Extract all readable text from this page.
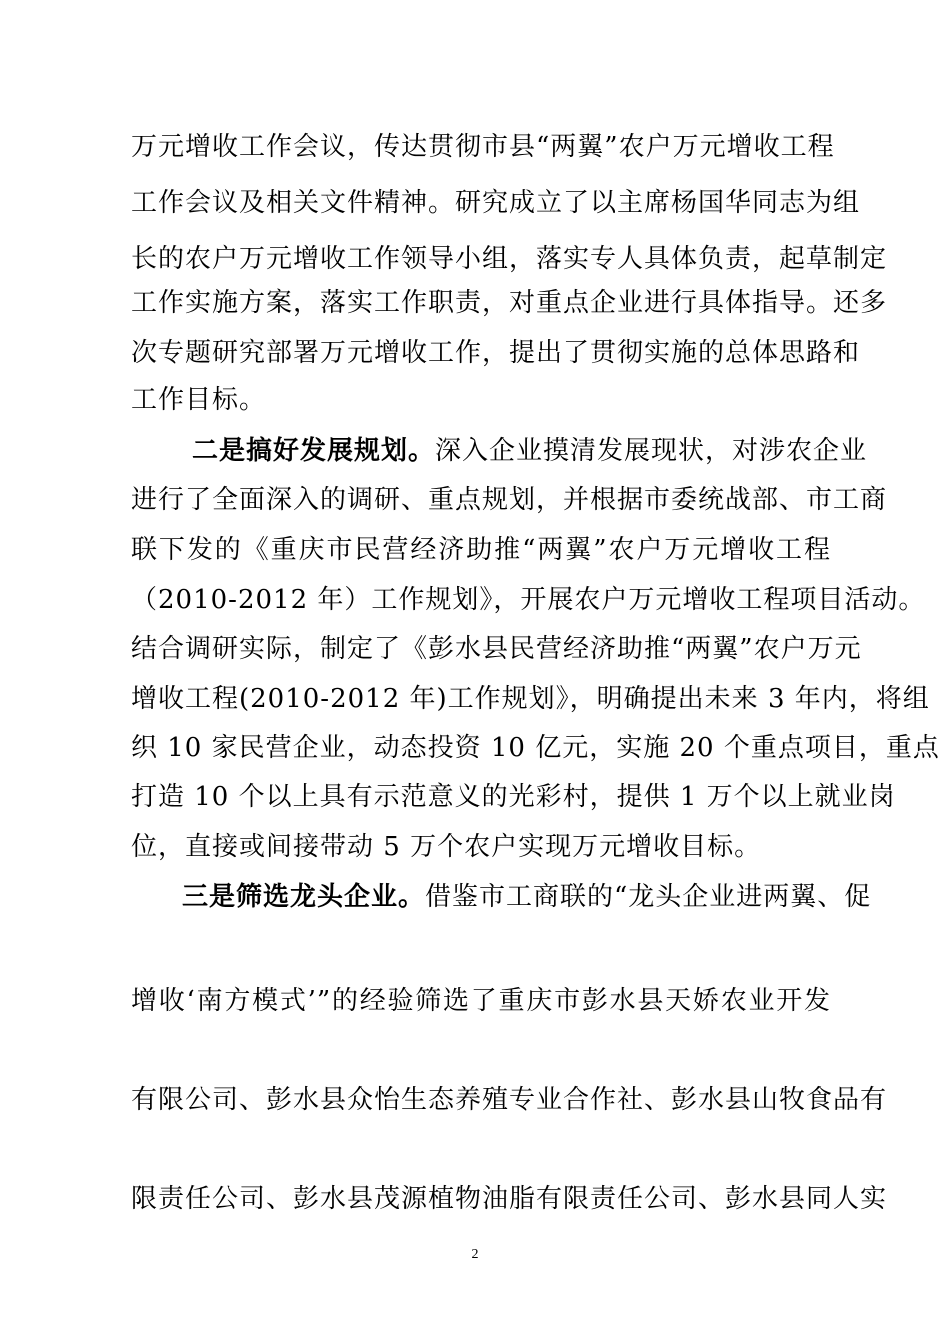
万元增收工作会议，传达贯彻市县“两翼”农户万元增收工程
工作会议及相关文件精神。研究成立了以主席杨国华同志为组
长的农户万元增收工作领导小组，落实专人具体负责，起草制定
工作实施方案，落实工作职责，对重点企业进行具体指导。还多
次专题研究部署万元增收工作，提出了贯彻实施的总体思路和
工作目标。
二是搞好发展规划。深入企业摸清发展现状，对涉农企业
进行了全面深入的调研、重点规划，并根据市委统战部、市工商
联下发的《重庆市民营经济助推“两翼”农户万元增收工程
（2010-2012 年）工作规划》，开展农户万元增收工程项目活动。
结合调研实际，制定了《彭水县民营经济助推“两翼”农户万元
增收工程(2010-2012 年)工作规划》，明确提出未来 3 年内，将组
织 10 家民营企业，动态投资 10 亿元，实施 20 个重点项目，重点
打造 10 个以上具有示范意义的光彩村，提供 1 万个以上就业岗
位，直接或间接带动 5 万个农户实现万元增收目标。
三是筛选龙头企业。借鉴市工商联的“龙头企业进两翼、促
增收‘南方模式’”的经验筛选了重庆市彭水县天娇农业开发
有限公司、彭水县众怡生态养殖专业合作社、彭水县山牧食品有
限责任公司、彭水县茂源植物油脂有限责任公司、彭水县同人实
2
